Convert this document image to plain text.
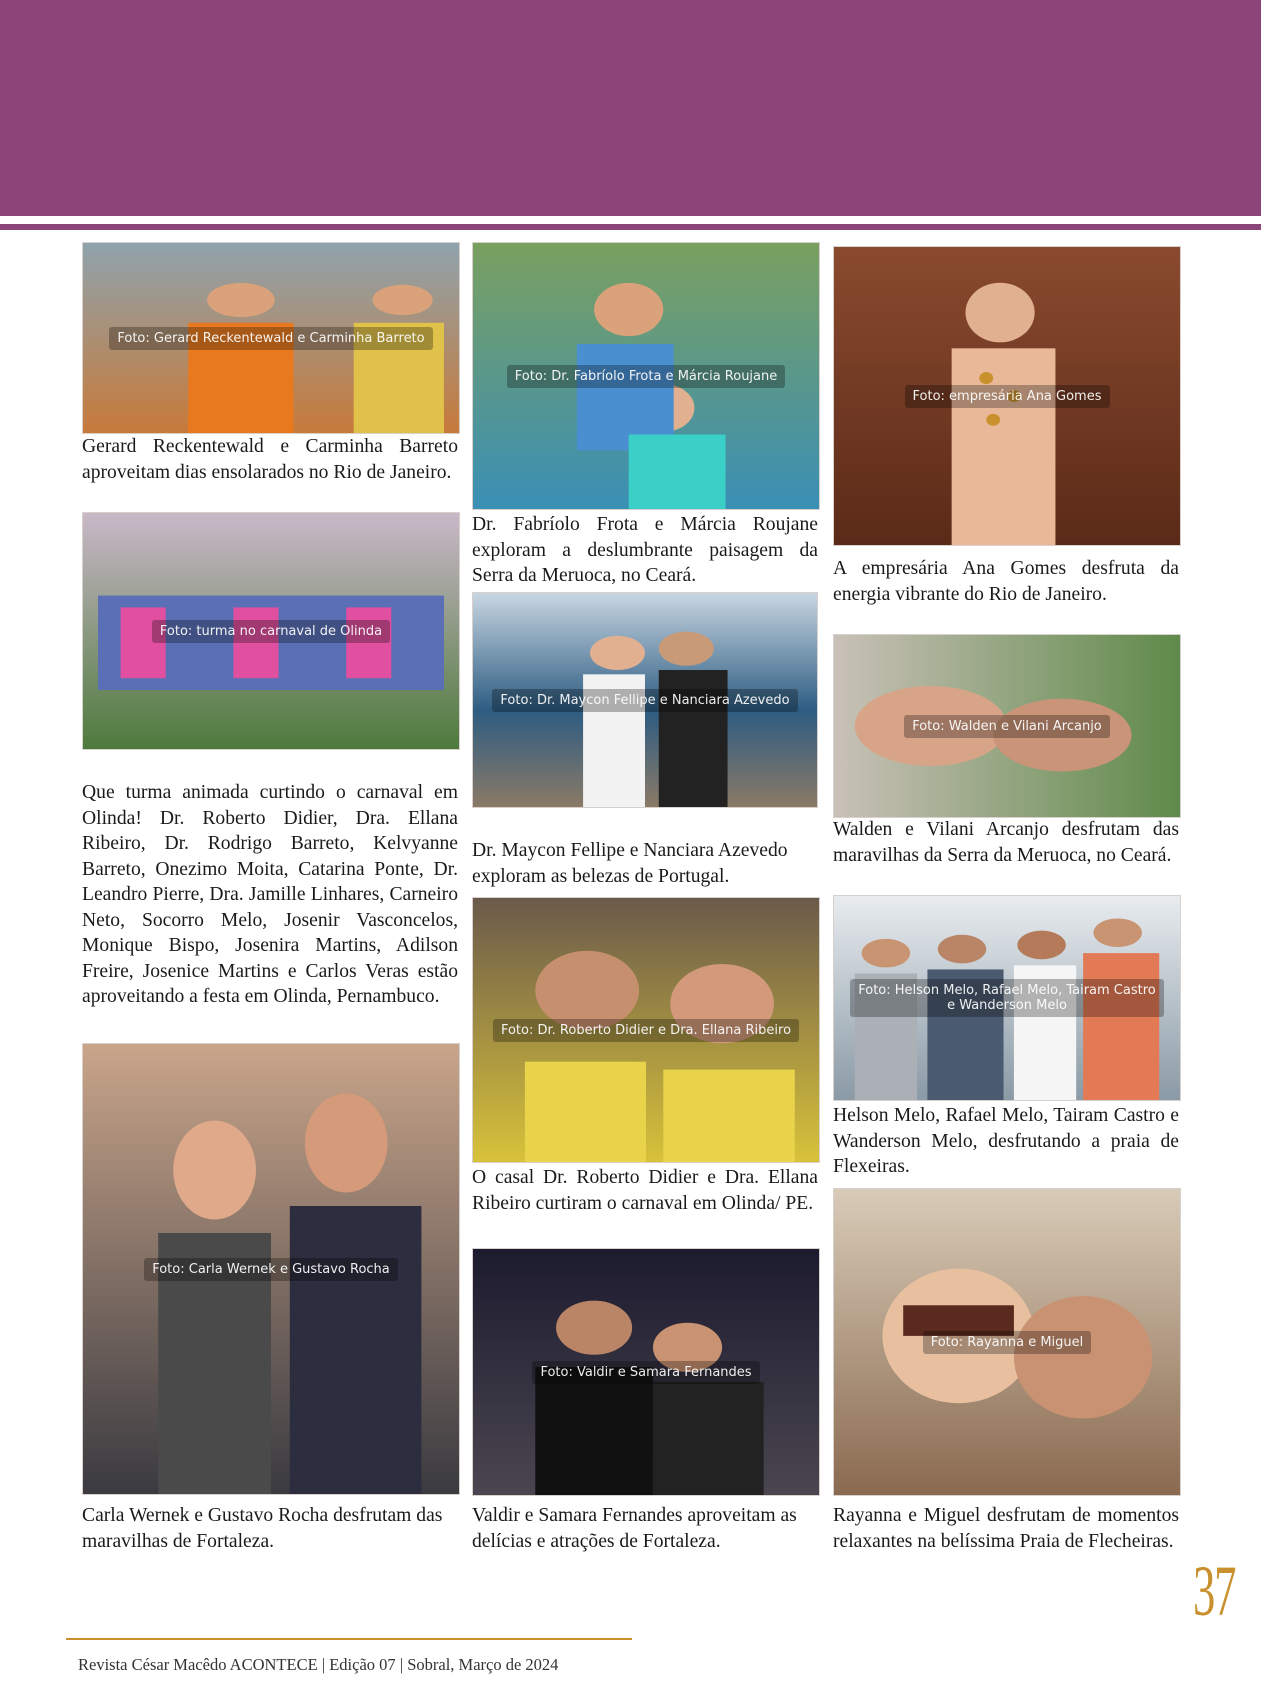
Foto: Gerard Reckentewald e Carminha Barreto

Gerard Reckentewald e Carminha Barreto aproveitam dias ensolarados no Rio de Janeiro.

Foto: turma no carnaval de Olinda

Que turma animada curtindo o carnaval em Olinda! Dr. Roberto Didier, Dra. Ellana Ribeiro, Dr. Rodrigo Barreto, Kelvyanne Barreto, Onezimo Moita, Catarina Ponte, Dr. Leandro Pierre, Dra. Jamille Linhares, Carneiro Neto, Socorro Melo, Josenir Vasconcelos, Monique Bispo, Josenira Martins, Adilson Freire, Josenice Martins e Carlos Veras estão aproveitando a festa em Olinda, Pernambuco.

Foto: Carla Wernek e Gustavo Rocha

Carla Wernek e Gustavo Rocha desfrutam das maravilhas de Fortaleza.

Foto: Dr. Fabríolo Frota e Márcia Roujane

Dr. Fabríolo Frota e Márcia Roujane exploram a deslumbrante paisagem da Serra da Meruoca, no Ceará.

Foto: Dr. Maycon Fellipe e Nanciara Azevedo

Dr. Maycon Fellipe e Nanciara Azevedo exploram as belezas de Portugal.

Foto: Dr. Roberto Didier e Dra. Ellana Ribeiro

O casal Dr. Roberto Didier e Dra. Ellana Ribeiro curtiram o carnaval em Olinda/ PE.

Foto: Valdir e Samara Fernandes

Valdir e Samara Fernandes aproveitam as delícias e atrações de Fortaleza.

Foto: empresária Ana Gomes

A empresária Ana Gomes desfruta da energia vibrante do Rio de Janeiro.

Foto: Walden e Vilani Arcanjo

Walden e Vilani Arcanjo desfrutam das maravilhas da Serra da Meruoca, no Ceará.

Foto: Helson Melo, Rafael Melo, Tairam Castro e Wanderson Melo

Helson Melo, Rafael Melo, Tairam Castro e Wanderson Melo, desfrutando a praia de Flexeiras.

Foto: Rayanna e Miguel

Rayanna e Miguel desfrutam de momentos relaxantes na belíssima Praia de Flecheiras.

Revista César Macêdo ACONTECE | Edição 07 | Sobral, Março de 2024
37
